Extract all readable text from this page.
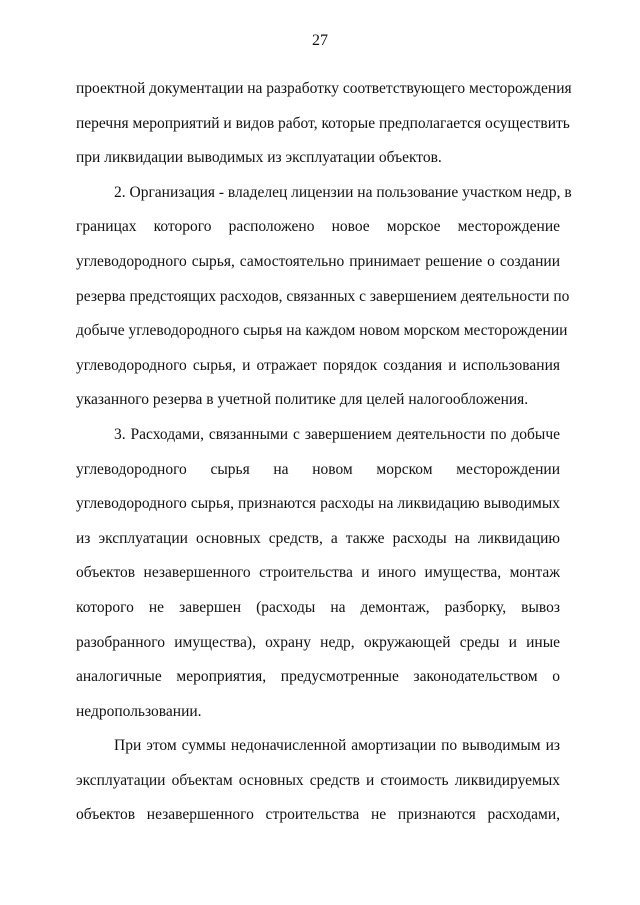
27
проектной документации на разработку соответствующего месторождения
перечня мероприятий и видов работ, которые предполагается осуществить
при ликвидации выводимых из эксплуатации объектов.
2. Организация - владелец лицензии на пользование участком недр, в
границах которого расположено новое морское месторождение
углеводородного сырья, самостоятельно принимает решение о создании
резерва предстоящих расходов, связанных с завершением деятельности по
добыче углеводородного сырья на каждом новом морском месторождении
углеводородного сырья, и отражает порядок создания и использования
указанного резерва в учетной политике для целей налогообложения.
3. Расходами, связанными с завершением деятельности по добыче
углеводородного сырья на новом морском месторождении
углеводородного сырья, признаются расходы на ликвидацию выводимых
из эксплуатации основных средств, а также расходы на ликвидацию
объектов незавершенного строительства и иного имущества, монтаж
которого не завершен (расходы на демонтаж, разборку, вывоз
разобранного имущества), охрану недр, окружающей среды и иные
аналогичные мероприятия, предусмотренные законодательством о
недропользовании.
При этом суммы недоначисленной амортизации по выводимым из
эксплуатации объектам основных средств и стоимость ликвидируемых
объектов незавершенного строительства не признаются расходами,
